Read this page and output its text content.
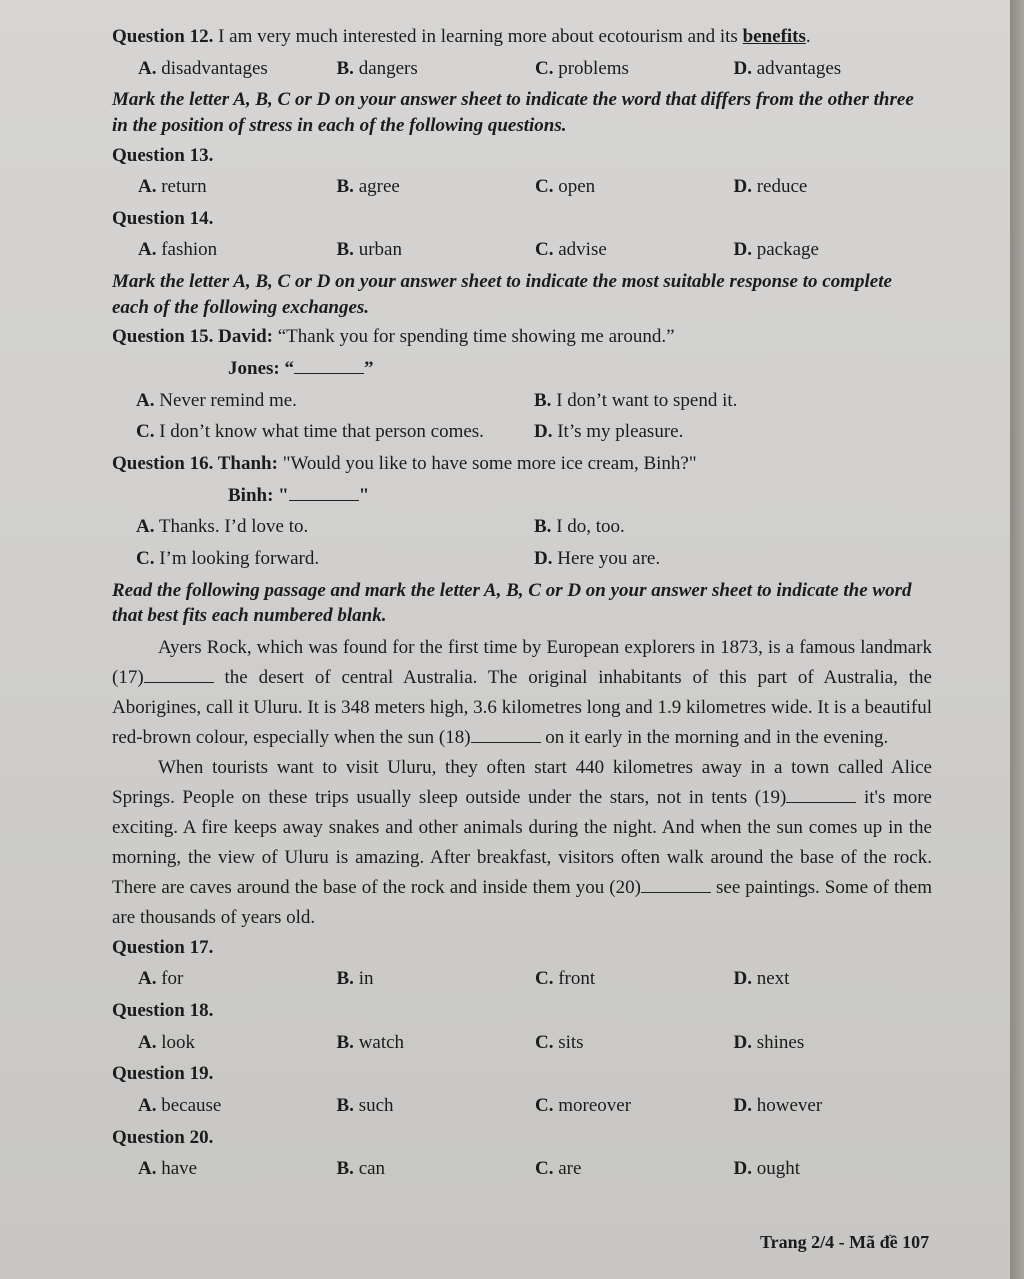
Question 12. I am very much interested in learning more about ecotourism and its benefits.
A. disadvantages	B. dangers	C. problems	D. advantages
Mark the letter A, B, C or D on your answer sheet to indicate the word that differs from the other three in the position of stress in each of the following questions.
Question 13.
A. return	B. agree	C. open	D. reduce
Question 14.
A. fashion	B. urban	C. advise	D. package
Mark the letter A, B, C or D on your answer sheet to indicate the most suitable response to complete each of the following exchanges.
Question 15. David: “Thank you for spending time showing me around.”
Jones: “	”
A. Never remind me.	B. I don’t want to spend it.
C. I don’t know what time that person comes.	D. It’s my pleasure.
Question 16. Thanh: "Would you like to have some more ice cream, Binh?"
Binh: "	"
A. Thanks. I’d love to.	B. I do, too.
C. I’m looking forward.	D. Here you are.
Read the following passage and mark the letter A, B, C or D on your answer sheet to indicate the word that best fits each numbered blank.

Ayers Rock, which was found for the first time by European explorers in 1873, is a famous landmark (17)	the desert of central Australia. The original inhabitants of this part of Australia, the Aborigines, call it Uluru. It is 348 meters high, 3.6 kilometres long and 1.9 kilometres wide. It is a beautiful red-brown colour, especially when the sun (18)	on it early in the morning and in the evening.

When tourists want to visit Uluru, they often start 440 kilometres away in a town called Alice Springs. People on these trips usually sleep outside under the stars, not in tents (19)	it's more exciting. A fire keeps away snakes and other animals during the night. And when the sun comes up in the morning, the view of Uluru is amazing. After breakfast, visitors often walk around the base of the rock. There are caves around the base of the rock and inside them you (20)	see paintings. Some of them are thousands of years old.

Question 17.
A. for	B. in	C. front	D. next
Question 18.
A. look	B. watch	C. sits	D. shines
Question 19.
A. because	B. such	C. moreover	D. however
Question 20.
A. have	B. can	C. are	D. ought
Trang 2/4 - Mã đề 107
